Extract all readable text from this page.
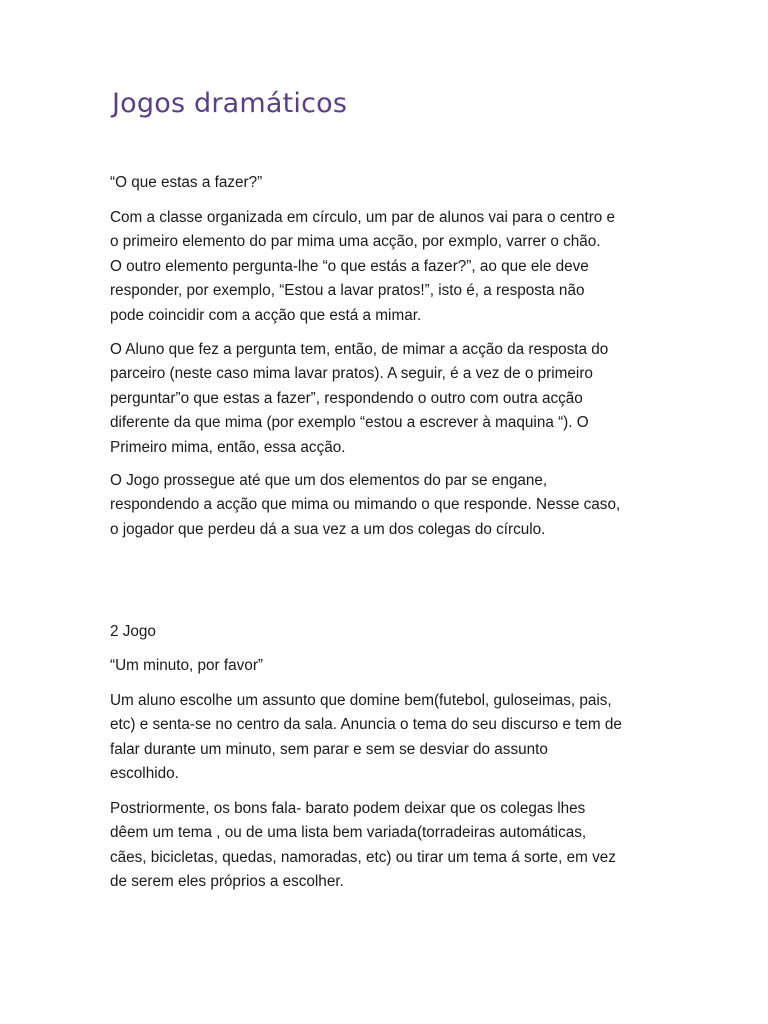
Jogos dramáticos

“O que estas a fazer?”

Com a classe organizada em círculo, um par de alunos vai para o centro e
o primeiro elemento do par mima uma acção, por exmplo, varrer o chão.
O outro elemento pergunta-lhe “o que estás a fazer?”, ao que ele deve
responder, por exemplo, “Estou a lavar pratos!”, isto é, a resposta não
pode coincidir com a acção que está a mimar.

O Aluno que fez a pergunta tem, então, de mimar a acção da resposta do
parceiro (neste caso mima lavar pratos). A seguir, é a vez de o primeiro
perguntar”o que estas a fazer”, respondendo o outro com outra acção
diferente da que mima (por exemplo “estou a escrever à maquina “). O
Primeiro mima, então, essa acção.

O Jogo prossegue até que um dos elementos do par se engane,
respondendo a acção que mima ou mimando o que responde. Nesse caso,
o jogador que perdeu dá a sua vez a um dos colegas do círculo.

2 Jogo

“Um minuto, por favor”

Um aluno escolhe um assunto que domine bem(futebol, guloseimas, pais,
etc) e senta-se no centro da sala. Anuncia o tema do seu discurso e tem de
falar durante um minuto, sem parar e sem se desviar do assunto
escolhido.

Postriormente, os bons fala- barato podem deixar que os colegas lhes
dêem um tema , ou de uma lista bem variada(torradeiras automáticas,
cães, bicicletas, quedas, namoradas, etc) ou tirar um tema á sorte, em vez
de serem eles próprios a escolher.
